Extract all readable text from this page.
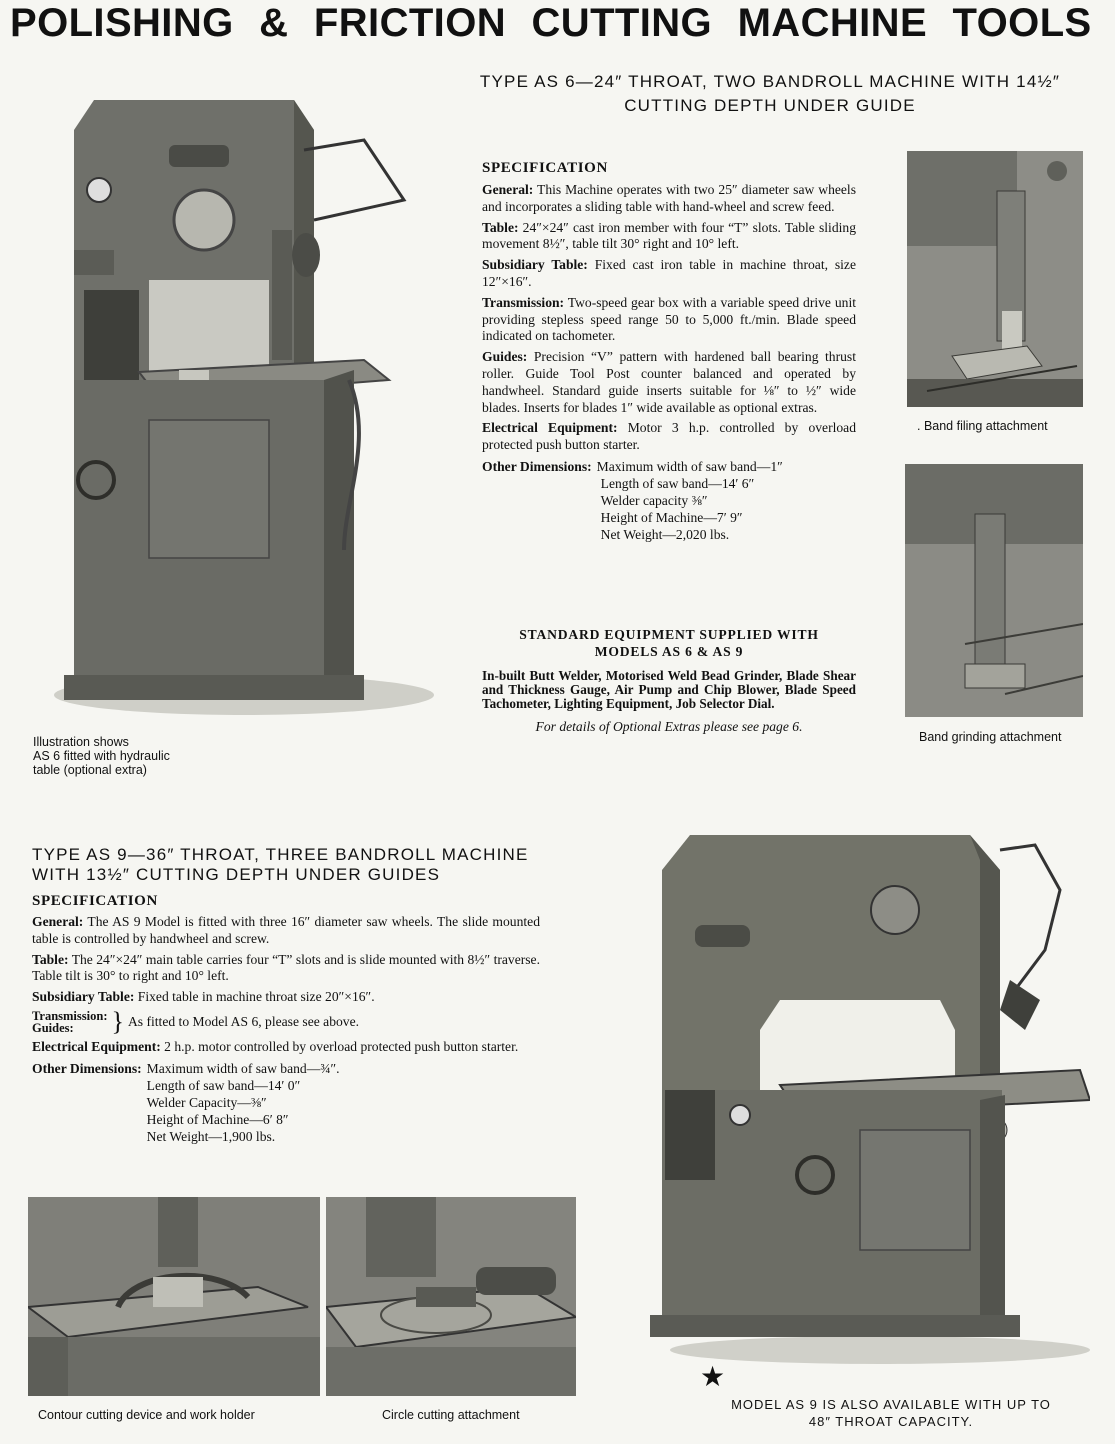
POLISHING & FRICTION CUTTING MACHINE TOOLS
Illustration shows
AS 6 fitted with hydraulic
table (optional extra)
TYPE AS 6—24″ THROAT, TWO BANDROLL MACHINE WITH 14½″
CUTTING DEPTH UNDER GUIDE
SPECIFICATION

General: This Machine operates with two 25″ diameter saw wheels and incorporates a sliding table with hand-wheel and screw feed.

Table: 24″×24″ cast iron member with four “T” slots. Table sliding movement 8½″, table tilt 30° right and 10° left.

Subsidiary Table: Fixed cast iron table in machine throat, size 12″×16″.

Transmission: Two-speed gear box with a variable speed drive unit providing stepless speed range 50 to 5,000 ft./min. Blade speed indicated on tachometer.

Guides: Precision “V” pattern with hardened ball bearing thrust roller. Guide Tool Post counter balanced and operated by handwheel. Standard guide inserts suitable for ⅛″ to ½″ wide blades. Inserts for blades 1″ wide available as optional extras.

Electrical Equipment: Motor 3 h.p. controlled by overload protected push button starter.

Other Dimensions: Maximum width of saw band—1″
Length of saw band—14′ 6″
Welder capacity ⅜″
Height of Machine—7′ 9″
Net Weight—2,020 lbs.
STANDARD EQUIPMENT SUPPLIED WITH
MODELS AS 6 & AS 9

In-built Butt Welder, Motorised Weld Bead Grinder, Blade Shear and Thickness Gauge, Air Pump and Chip Blower, Blade Speed Tachometer, Lighting Equipment, Job Selector Dial.

For details of Optional Extras please see page 6.
. Band filing attachment
Band grinding attachment
TYPE AS 9—36″ THROAT, THREE BANDROLL MACHINE
WITH 13½″ CUTTING DEPTH UNDER GUIDES
SPECIFICATION

General: The AS 9 Model is fitted with three 16″ diameter saw wheels. The slide mounted table is controlled by handwheel and screw.

Table: The 24″×24″ main table carries four “T” slots and is slide mounted with 8½″ traverse. Table tilt is 30° to right and 10° left.

Subsidiary Table: Fixed table in machine throat size 20″×16″.

Transmission:
Guides:	} As fitted to Model AS 6, please see above.

Electrical Equipment: 2 h.p. motor controlled by overload protected push button starter.

Other Dimensions: Maximum width of saw band—¾″.
Length of saw band—14′ 0″
Welder Capacity—⅜″
Height of Machine—6′ 8″
Net Weight—1,900 lbs.
Contour cutting device and work holder	Circle cutting attachment
★
MODEL AS 9 IS ALSO AVAILABLE WITH UP TO
48″ THROAT CAPACITY.
